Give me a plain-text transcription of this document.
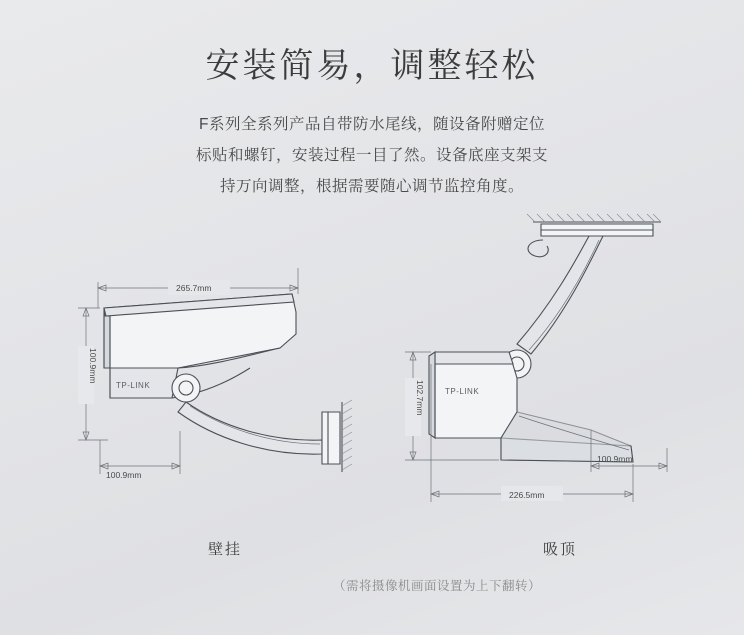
安装简易，调整轻松
F系列全系列产品自带防水尾线，随设备附赠定位
标贴和螺钉，安装过程一目了然。设备底座支架支
持万向调整，根据需要随心调节监控角度。
265.7mm
100.9mm
100.9mm
TP-LINK
TP-LINK
102.7mm
226.5mm
100.9mm
壁挂	吸顶
（需将摄像机画面设置为上下翻转）
